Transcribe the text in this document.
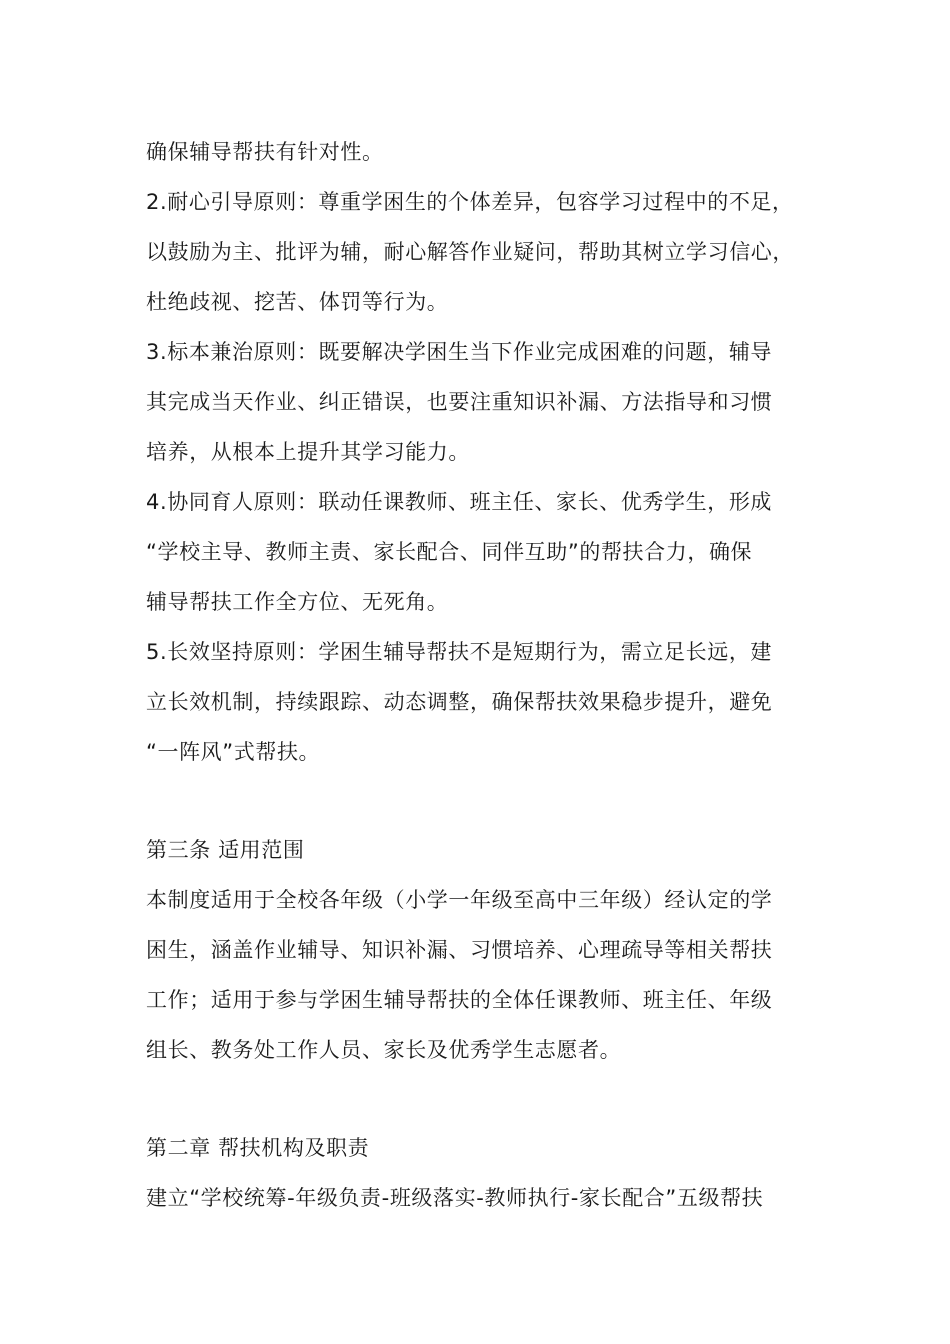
确保辅导帮扶有针对性。

2.耐心引导原则：尊重学困生的个体差异，包容学习过程中的不足，

以鼓励为主、批评为辅，耐心解答作业疑问，帮助其树立学习信心，

杜绝歧视、挖苦、体罚等行为。

3.标本兼治原则：既要解决学困生当下作业完成困难的问题，辅导

其完成当天作业、纠正错误，也要注重知识补漏、方法指导和习惯

培养，从根本上提升其学习能力。

4.协同育人原则：联动任课教师、班主任、家长、优秀学生，形成

“学校主导、教师主责、家长配合、同伴互助”的帮扶合力，确保

辅导帮扶工作全方位、无死角。

5.长效坚持原则：学困生辅导帮扶不是短期行为，需立足长远，建

立长效机制，持续跟踪、动态调整，确保帮扶效果稳步提升，避免

“一阵风”式帮扶。

第三条 适用范围

本制度适用于全校各年级（小学一年级至高中三年级）经认定的学

困生，涵盖作业辅导、知识补漏、习惯培养、心理疏导等相关帮扶

工作；适用于参与学困生辅导帮扶的全体任课教师、班主任、年级

组长、教务处工作人员、家长及优秀学生志愿者。

第二章 帮扶机构及职责

建立“学校统筹-年级负责-班级落实-教师执行-家长配合”五级帮扶
